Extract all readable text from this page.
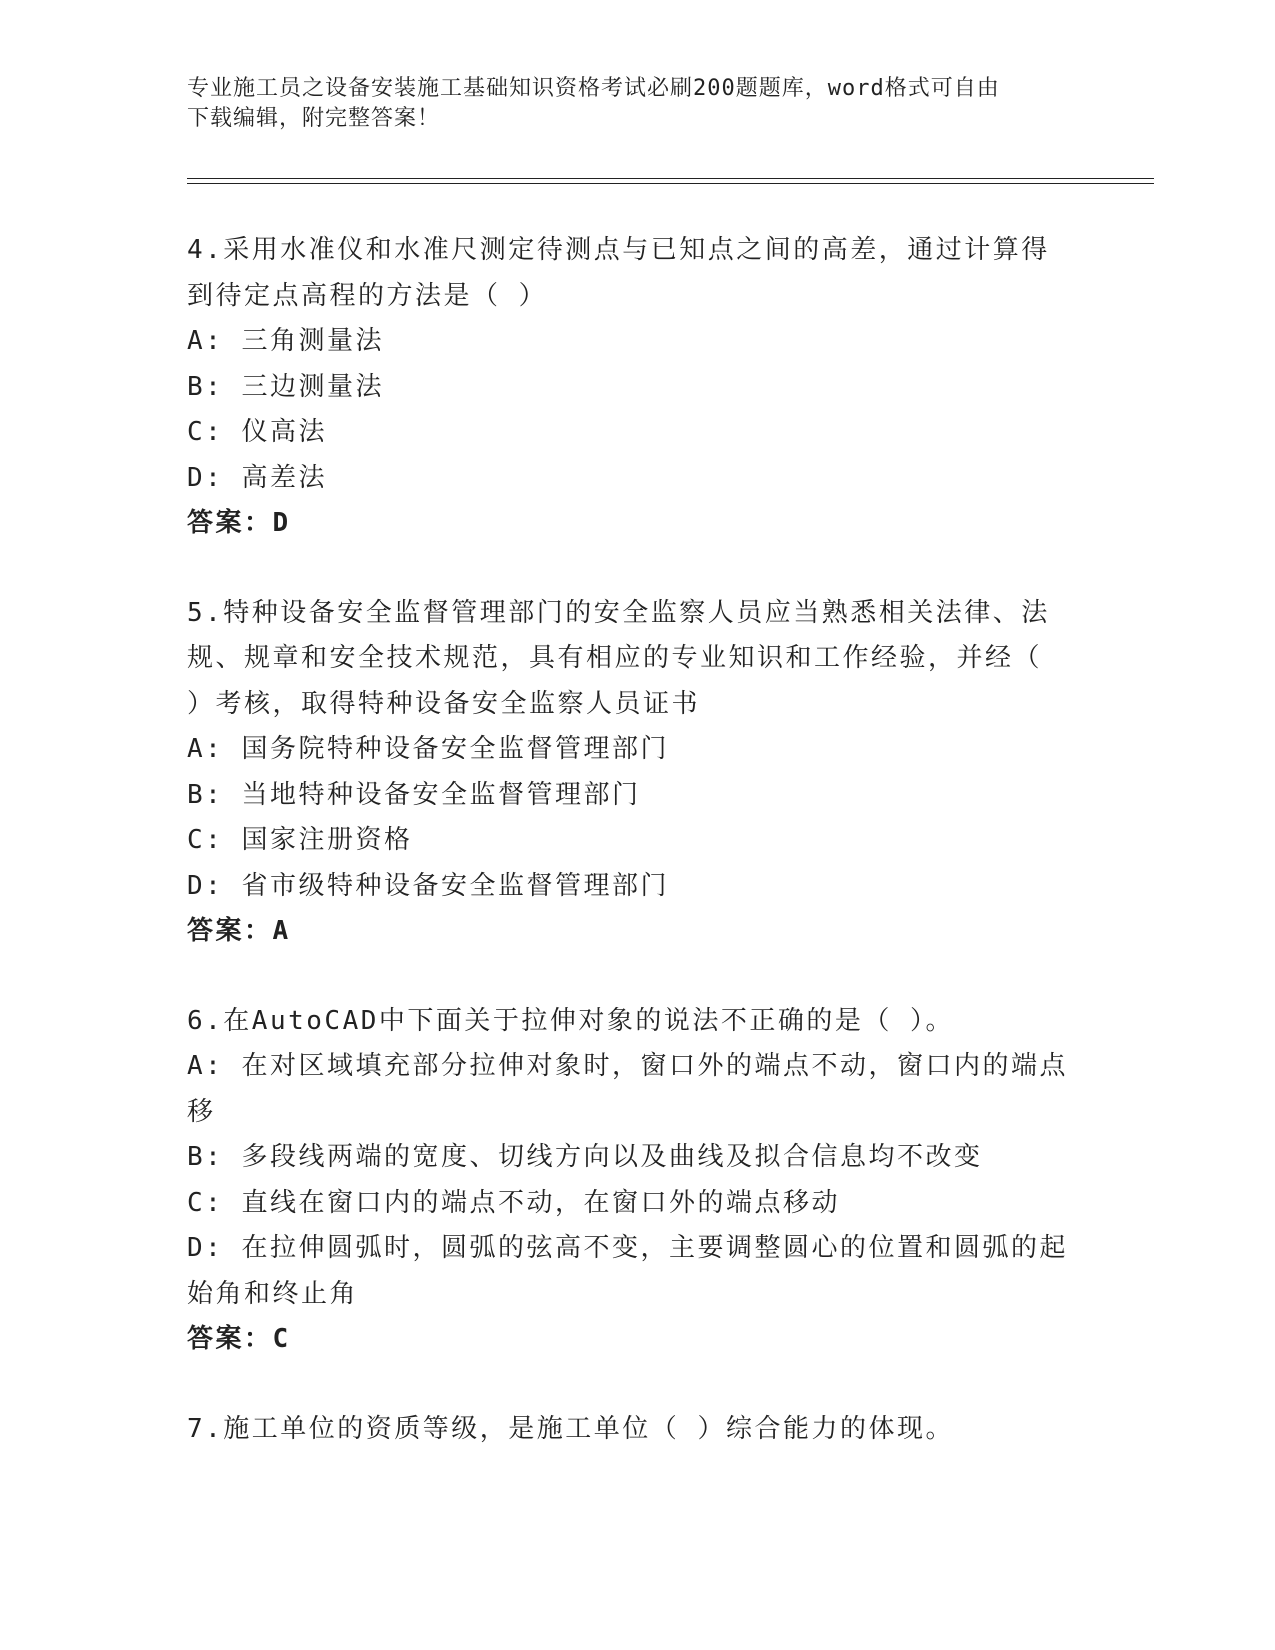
专业施工员之设备安装施工基础知识资格考试必刷200题题库，word格式可自由
下载编辑，附完整答案！
4.采用水准仪和水准尺测定待测点与已知点之间的高差，通过计算得
到待定点高程的方法是（ ）
A: 三角测量法
B: 三边测量法
C: 仪高法
D: 高差法
答案：D
5.特种设备安全监督管理部门的安全监察人员应当熟悉相关法律、法
规、规章和安全技术规范，具有相应的专业知识和工作经验，并经（
）考核，取得特种设备安全监察人员证书
A: 国务院特种设备安全监督管理部门
B: 当地特种设备安全监督管理部门
C: 国家注册资格
D: 省市级特种设备安全监督管理部门
答案：A
6.在AutoCAD中下面关于拉伸对象的说法不正确的是（ ）。
A: 在对区域填充部分拉伸对象时，窗口外的端点不动，窗口内的端点
移
B: 多段线两端的宽度、切线方向以及曲线及拟合信息均不改变
C: 直线在窗口内的端点不动，在窗口外的端点移动
D: 在拉伸圆弧时，圆弧的弦高不变，主要调整圆心的位置和圆弧的起
始角和终止角
答案：C
7.施工单位的资质等级，是施工单位（ ）综合能力的体现。
